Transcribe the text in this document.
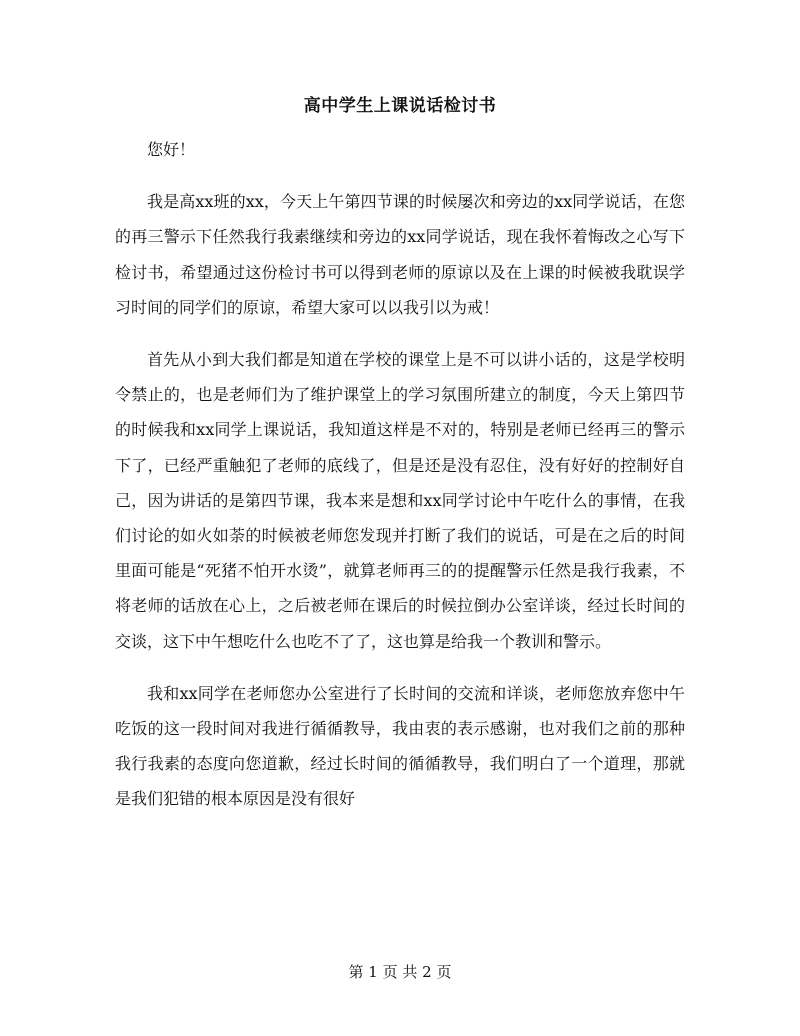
高中学生上课说话检讨书

您好！

我是高xx班的xx，今天上午第四节课的时候屡次和旁边的xx同学说话，在您的再三警示下任然我行我素继续和旁边的xx同学说话，现在我怀着悔改之心写下检讨书，希望通过这份检讨书可以得到老师的原谅以及在上课的时候被我耽误学习时间的同学们的原谅，希望大家可以以我引以为戒！

首先从小到大我们都是知道在学校的课堂上是不可以讲小话的，这是学校明令禁止的，也是老师们为了维护课堂上的学习氛围所建立的制度，今天上第四节的时候我和xx同学上课说话，我知道这样是不对的，特别是老师已经再三的警示下了，已经严重触犯了老师的底线了，但是还是没有忍住，没有好好的控制好自己，因为讲话的是第四节课，我本来是想和xx同学讨论中午吃什么的事情，在我们讨论的如火如荼的时候被老师您发现并打断了我们的说话，可是在之后的时间里面可能是“死猪不怕开水烫”，就算老师再三的的提醒警示任然是我行我素，不将老师的话放在心上，之后被老师在课后的时候拉倒办公室详谈，经过长时间的交谈，这下中午想吃什么也吃不了了，这也算是给我一个教训和警示。

我和xx同学在老师您办公室进行了长时间的交流和详谈，老师您放弃您中午吃饭的这一段时间对我进行循循教导，我由衷的表示感谢，也对我们之前的那种我行我素的态度向您道歉，经过长时间的循循教导，我们明白了一个道理，那就是我们犯错的根本原因是没有很好

第 1 页 共 2 页
